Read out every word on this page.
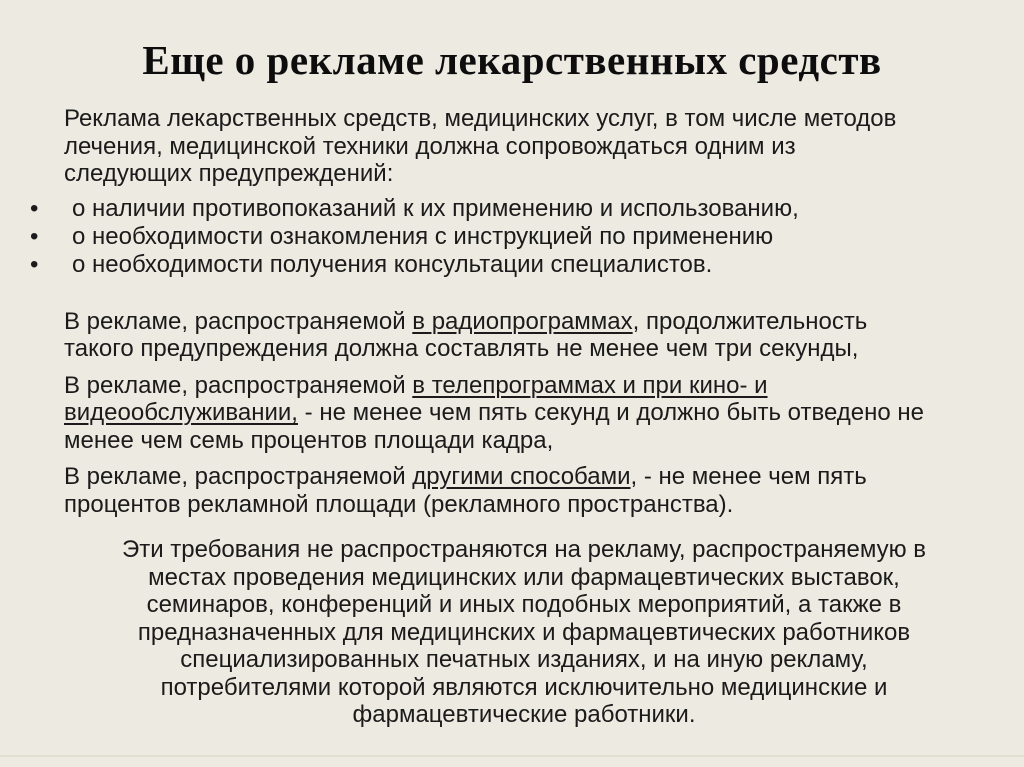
Еще о рекламе лекарственных средств

Реклама лекарственных средств, медицинских услуг, в том числе методов
лечения, медицинской техники должна сопровождаться одним из
следующих предупреждений:

•	о наличии противопоказаний к их применению и использованию,
•	о необходимости ознакомления с инструкцией по применению
•	о необходимости получения консультации специалистов.

В рекламе, распространяемой в радиопрограммах, продолжительность
такого предупреждения должна составлять не менее чем три секунды,

В рекламе, распространяемой в телепрограммах и при кино- и
видеообслуживании, - не менее чем пять секунд и должно быть отведено не
менее чем семь процентов площади кадра,

В рекламе, распространяемой другими способами, - не менее чем пять
процентов рекламной площади (рекламного пространства).

Эти требования не распространяются на рекламу, распространяемую в
местах проведения медицинских или фармацевтических выставок,
семинаров, конференций и иных подобных мероприятий, а также в
предназначенных для медицинских и фармацевтических работников
специализированных печатных изданиях, и на иную рекламу,
потребителями которой являются исключительно медицинские и
фармацевтические работники.
